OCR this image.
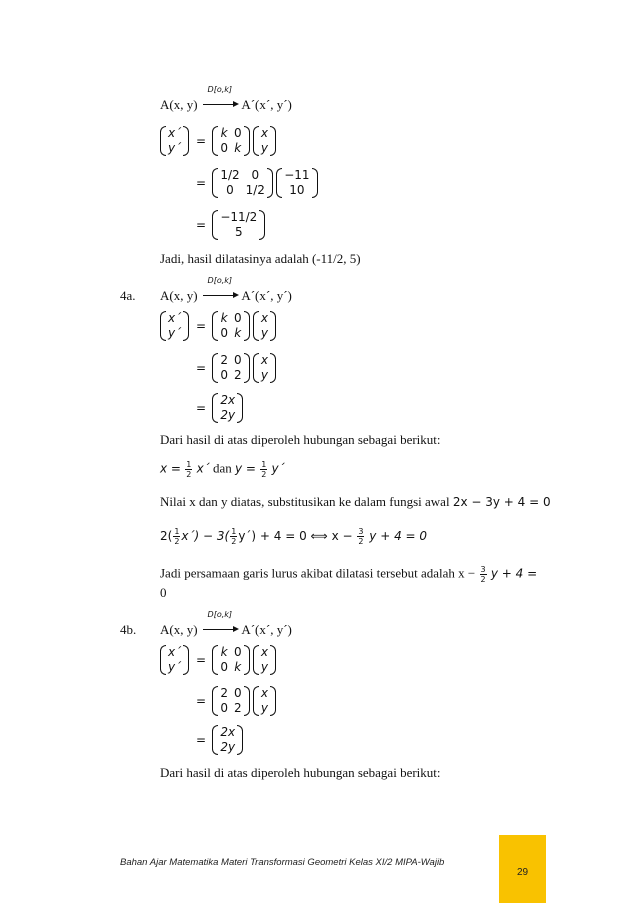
A(x, y)
D[o,k]
A´(x´, y´)
x´
y´ =
k	0
0	k

x
y
=
1/2	0
0	1/2

−11
10
=
−11/2
5
Jadi, hasil dilatasinya adalah (-11/2, 5)
4a. A(x, y)
D[o,k]
A´(x´, y´)
x´
y´ =
k	0
0	k

x
y
=
2	0
0	2

x
y
=
2x
2y
Dari hasil di atas diperoleh hubungan sebagai berikut:
$x = \frac{1}{2}$ x´ dan $y = \frac{1}{2}$ y´
Nilai x dan y diatas, substitusikan ke dalam fungsi awal 2x − 3y + 4 = 0
$2( \frac{1}{2}$ x´) − $3( \frac{1}{2}$ y´) + 4 = 0 ⟺ $x - \frac{3}{2}$ y + 4 = 0
Jadi persamaan garis lurus akibat dilatasi tersebut adalah $x - \frac{3}{2}$ y + 4 =
0
4b. A(x, y)
D[o,k]
A´(x´, y´)
x´
y´ =
k	0
0	k

x
y
=
2	0
0	2

x
y
=
2x
2y
Dari hasil di atas diperoleh hubungan sebagai berikut:
Bahan Ajar Matematika Materi Transformasi Geometri Kelas XI/2 MIPA-Wajib
29
